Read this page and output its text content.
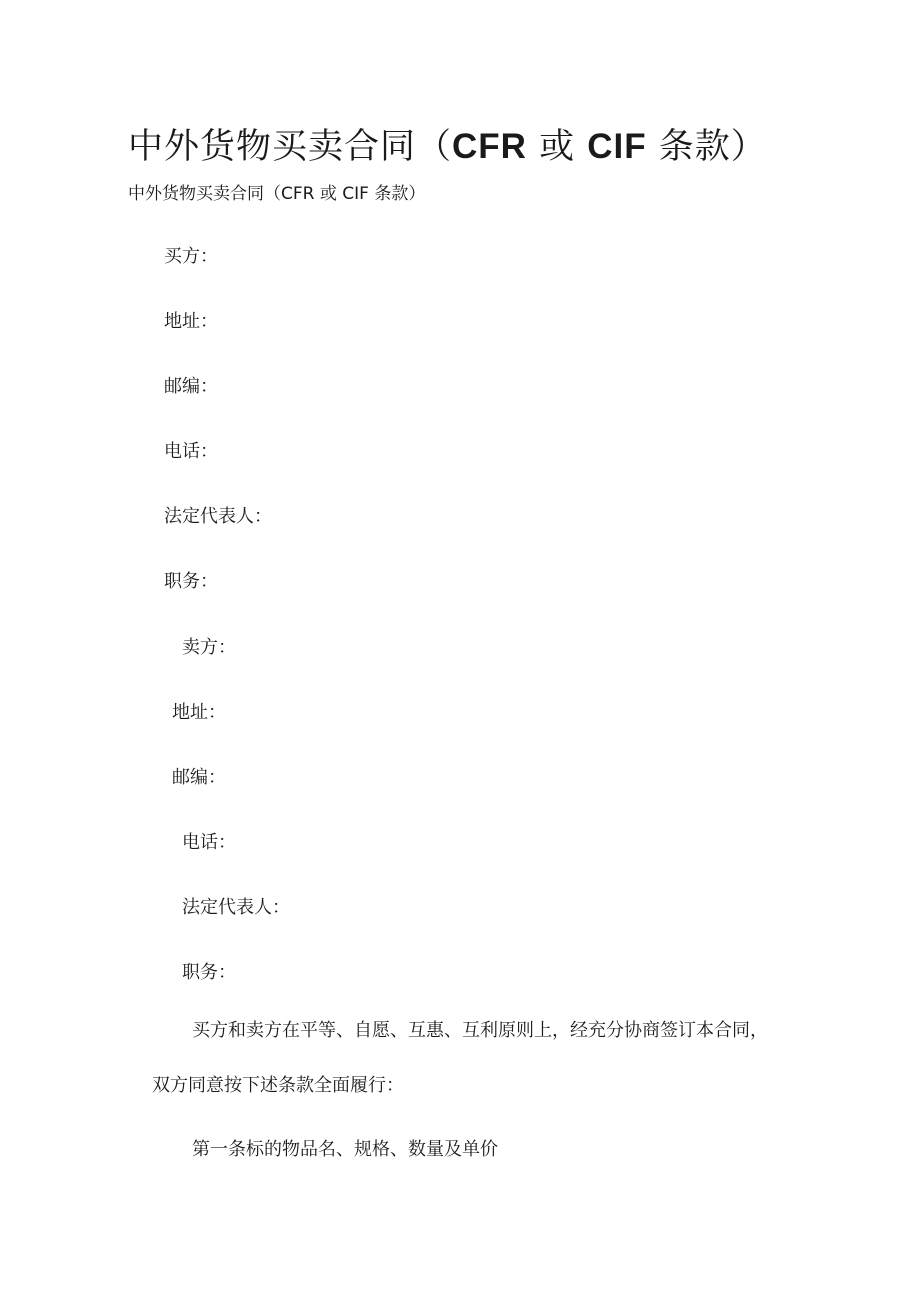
中外货物买卖合同（CFR 或 CIF 条款）

中外货物买卖合同（CFR 或 CIF 条款）

买方：

地址：

邮编：

电话：

法定代表人：

职务：

卖方：

地址：

邮编：

电话：

法定代表人：

职务：

买方和卖方在平等、自愿、互惠、互利原则上，经充分协商签订本合同，

双方同意按下述条款全面履行：

第一条标的物品名、规格、数量及单价
